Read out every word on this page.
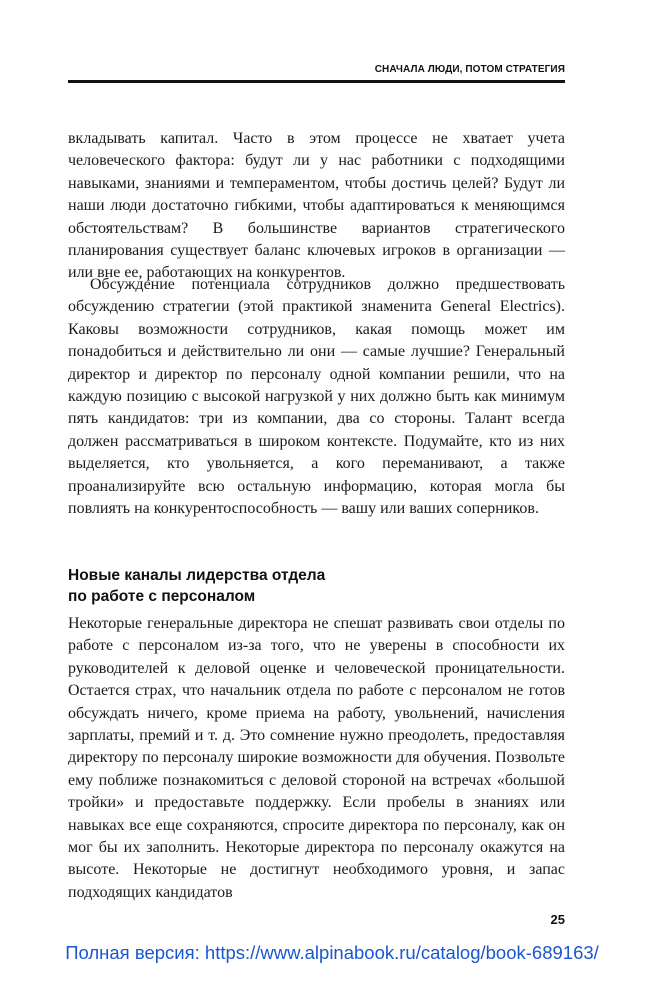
СНАЧАЛА ЛЮДИ, ПОТОМ СТРАТЕГИЯ

вкладывать капитал. Часто в этом процессе не хватает учета человеческого фактора: будут ли у нас работники с подходящими навыками, знаниями и темпераментом, чтобы достичь целей? Будут ли наши люди достаточно гибкими, чтобы адаптироваться к меняющимся обстоятельствам? В большинстве вариантов стратегического планирования существует баланс ключевых игроков в организации — или вне ее, работающих на конкурентов.

Обсуждение потенциала сотрудников должно предшествовать обсуждению стратегии (этой практикой знаменита General Electrics). Каковы возможности сотрудников, какая помощь может им понадобиться и действительно ли они — самые лучшие? Генеральный директор и директор по персоналу одной компании решили, что на каждую позицию с высокой нагрузкой у них должно быть как минимум пять кандидатов: три из компании, два со стороны. Талант всегда должен рассматриваться в широком контексте. Подумайте, кто из них выделяется, кто увольняется, а кого переманивают, а также проанализируйте всю остальную информацию, которая могла бы повлиять на конкурентоспособность — вашу или ваших соперников.

Новые каналы лидерства отдела
по работе с персоналом

Некоторые генеральные директора не спешат развивать свои отделы по работе с персоналом из-за того, что не уверены в способности их руководителей к деловой оценке и человеческой проницательности. Остается страх, что начальник отдела по работе с персоналом не готов обсуждать ничего, кроме приема на работу, увольнений, начисления зарплаты, премий и т. д. Это сомнение нужно преодолеть, предоставляя директору по персоналу широкие возможности для обучения. Позвольте ему поближе познакомиться с деловой стороной на встречах «большой тройки» и предоставьте поддержку. Если пробелы в знаниях или навыках все еще сохраняются, спросите директора по персоналу, как он мог бы их заполнить. Некоторые директора по персоналу окажутся на высоте. Некоторые не достигнут необходимого уровня, и запас подходящих кандидатов

25
Полная версия: https://www.alpinabook.ru/catalog/book-689163/
